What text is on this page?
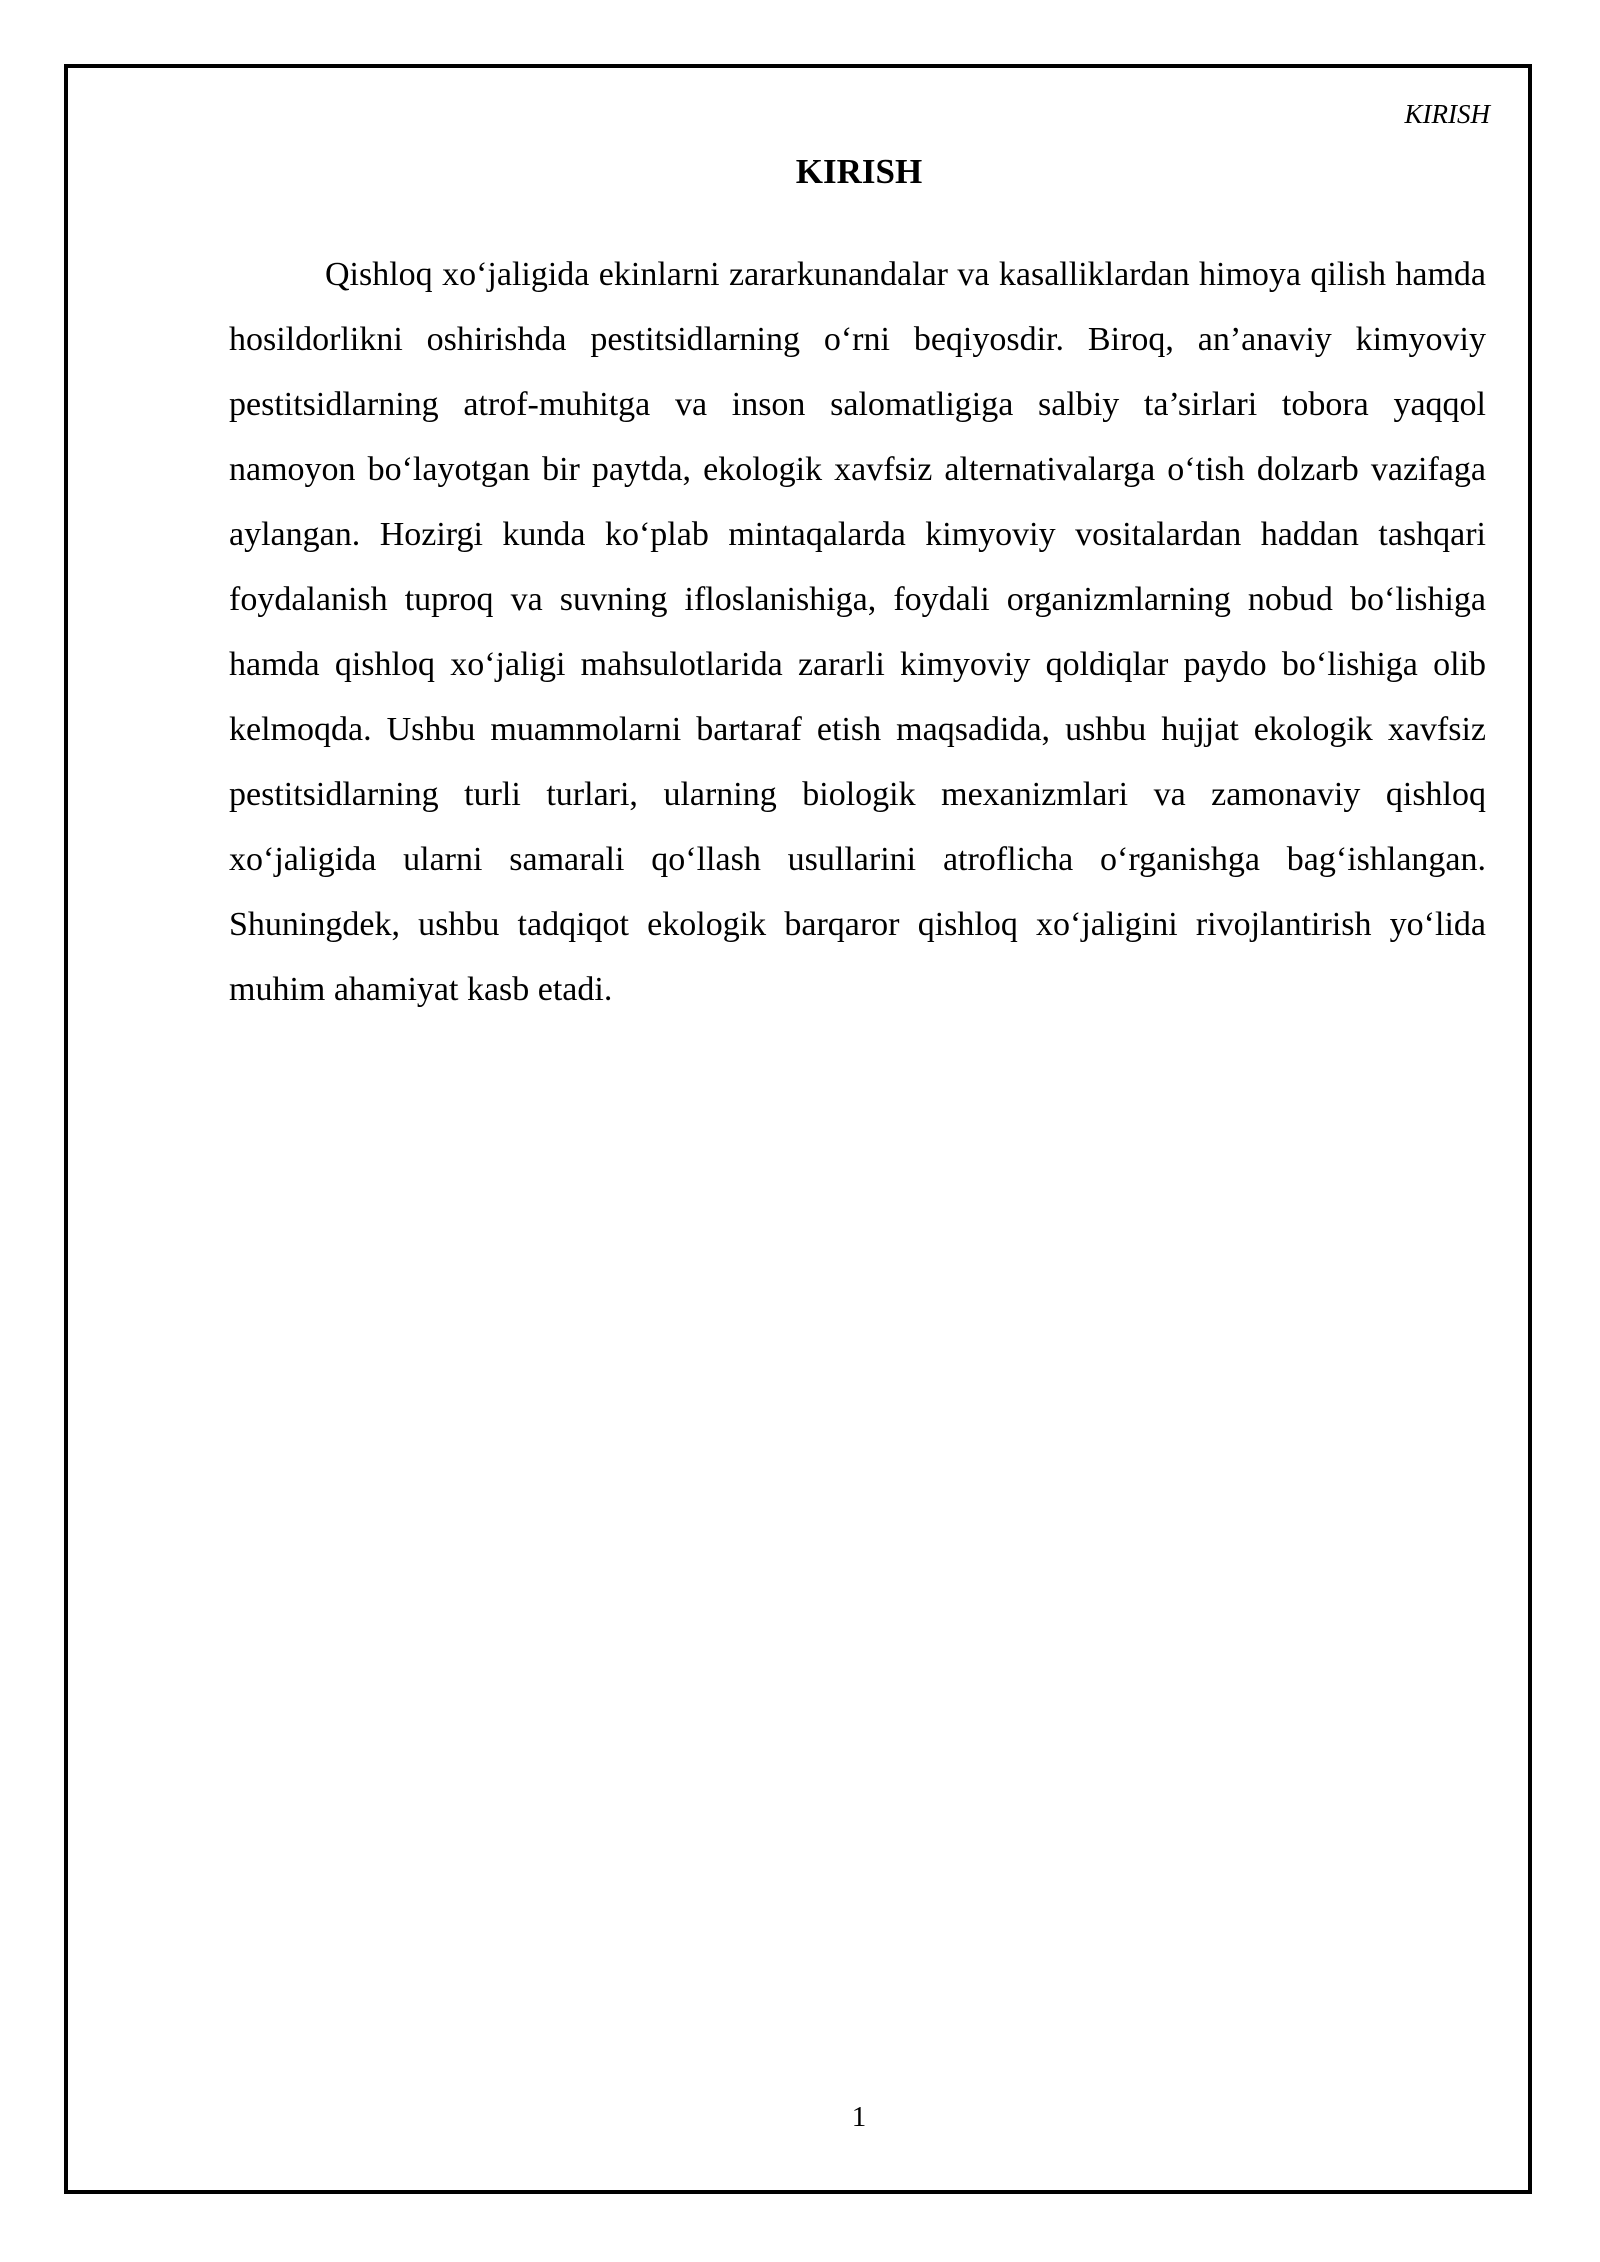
KIRISH
KIRISH

Qishloq xo‘jaligida ekinlarni zararkunandalar va kasalliklardan himoya qilish hamda hosildorlikni oshirishda pestitsidlarning o‘rni beqiyosdir. Biroq, an’anaviy kimyoviy pestitsidlarning atrof-muhitga va inson salomatligiga salbiy ta’sirlari tobora yaqqol namoyon bo‘layotgan bir paytda, ekologik xavfsiz alternativalarga o‘tish dolzarb vazifaga aylangan. Hozirgi kunda ko‘plab mintaqalarda kimyoviy vositalardan haddan tashqari foydalanish tuproq va suvning ifloslanishiga, foydali organizmlarning nobud bo‘lishiga hamda qishloq xo‘jaligi mahsulotlarida zararli kimyoviy qoldiqlar paydo bo‘lishiga olib kelmoqda. Ushbu muammolarni bartaraf etish maqsadida, ushbu hujjat ekologik xavfsiz pestitsidlarning turli turlari, ularning biologik mexanizmlari va zamonaviy qishloq xo‘jaligida ularni samarali qo‘llash usullarini atroflicha o‘rganishga bag‘ishlangan. Shuningdek, ushbu tadqiqot ekologik barqaror qishloq xo‘jaligini rivojlantirish yo‘lida muhim ahamiyat kasb etadi.

1
